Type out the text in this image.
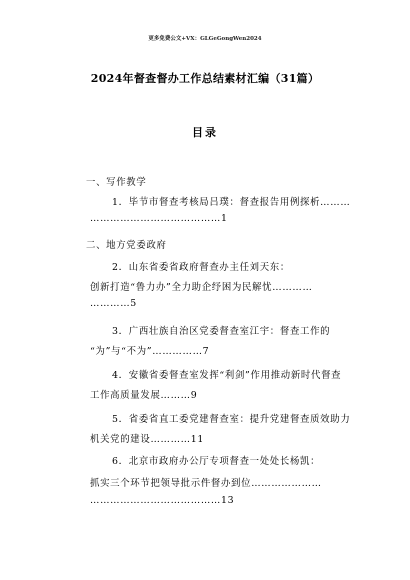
更多免费公文+VX：GLGeGongWen2024
2024年督查督办工作总结素材汇编（31篇）
目录
一、写作教学
1．毕节市督查考核局吕璞：督查报告用例探析………
…………………………………1
二、地方党委政府
2．山东省委省政府督查办主任刘天东：
创新打造“鲁力办”全力助企纾困为民解忧…………
…………5
3．广西壮族自治区党委督查室江宇：督查工作的
“为”与“不为”……………7
4．安徽省委督查室发挥“利剑”作用推动新时代督查
工作高质量发展………9
5．省委省直工委党建督查室：提升党建督查质效助力
机关党的建设…………11
6．北京市政府办公厅专项督查一处处长杨凯：
抓实三个环节把领导批示件督办到位…………………
…………………………………13
